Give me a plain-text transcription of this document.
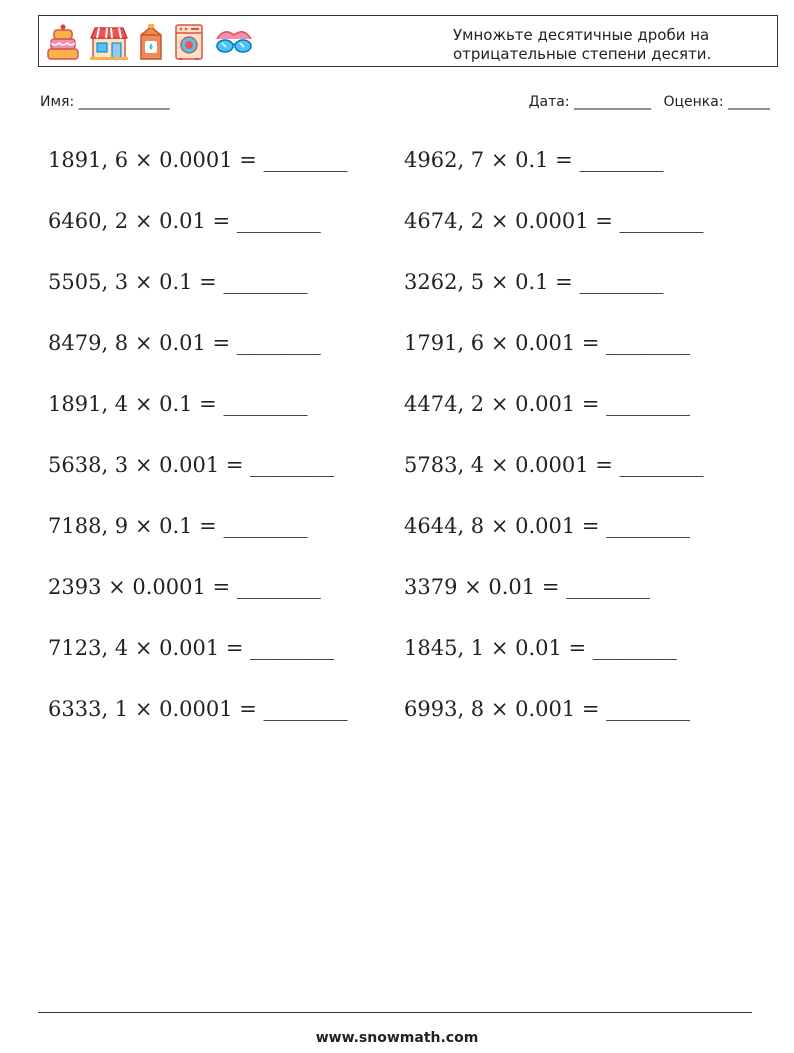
Умножьте десятичные дроби на
отрицательные степени десяти.
Имя: _____________	Дата: ___________ Оценка: ______
1891, 6 × 0.0001 = ________	4962, 7 × 0.1 = ________
6460, 2 × 0.01 = ________	4674, 2 × 0.0001 = ________
5505, 3 × 0.1 = ________	3262, 5 × 0.1 = ________
8479, 8 × 0.01 = ________	1791, 6 × 0.001 = ________
1891, 4 × 0.1 = ________	4474, 2 × 0.001 = ________
5638, 3 × 0.001 = ________	5783, 4 × 0.0001 = ________
7188, 9 × 0.1 = ________	4644, 8 × 0.001 = ________
2393 × 0.0001 = ________	3379 × 0.01 = ________
7123, 4 × 0.001 = ________	1845, 1 × 0.01 = ________
6333, 1 × 0.0001 = ________	6993, 8 × 0.001 = ________
www.snowmath.com
